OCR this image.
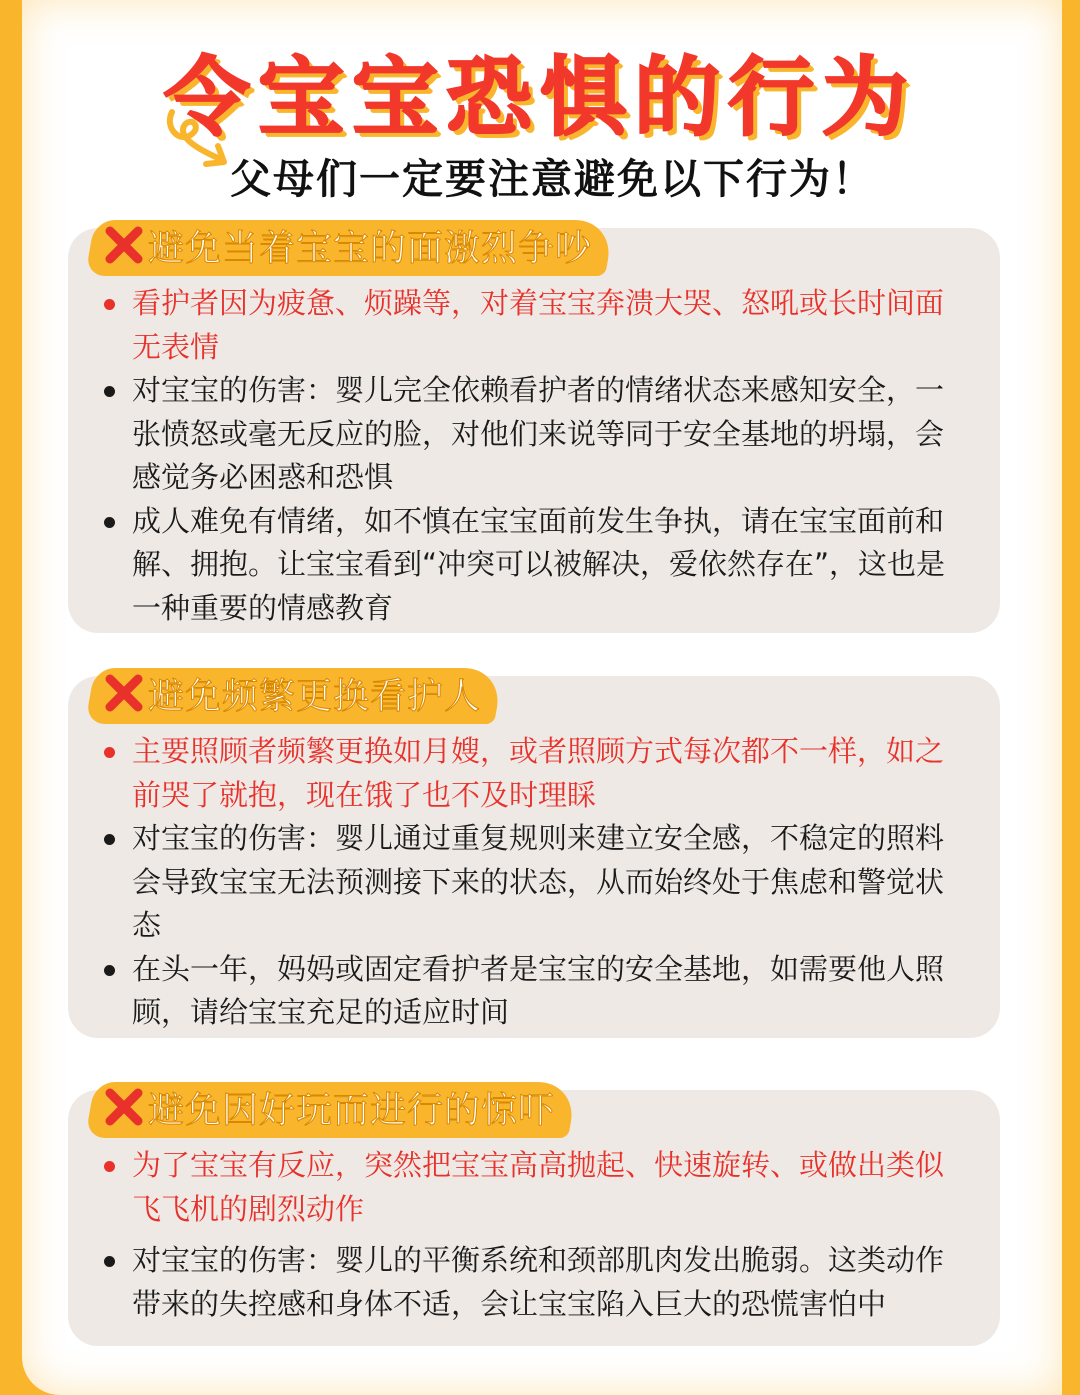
令宝宝恐惧的行为
父母们一定要注意避免以下行为！
避免当着宝宝的面激烈争吵
看护者因为疲惫、烦躁等，对着宝宝奔溃大哭、怒吼或长时间面无表情
对宝宝的伤害：婴儿完全依赖看护者的情绪状态来感知安全，一张愤怒或毫无反应的脸，对他们来说等同于安全基地的坍塌，会感觉务必困惑和恐惧
成人难免有情绪，如不慎在宝宝面前发生争执，请在宝宝面前和解、拥抱。让宝宝看到“冲突可以被解决，爱依然存在”，这也是一种重要的情感教育
避免频繁更换看护人
主要照顾者频繁更换如月嫂，或者照顾方式每次都不一样，如之前哭了就抱，现在饿了也不及时理睬
对宝宝的伤害：婴儿通过重复规则来建立安全感，不稳定的照料会导致宝宝无法预测接下来的状态，从而始终处于焦虑和警觉状态
在头一年，妈妈或固定看护者是宝宝的安全基地，如需要他人照顾，请给宝宝充足的适应时间
避免因好玩而进行的惊吓
为了宝宝有反应，突然把宝宝高高抛起、快速旋转、或做出类似飞飞机的剧烈动作
对宝宝的伤害：婴儿的平衡系统和颈部肌肉发出脆弱。这类动作带来的失控感和身体不适，会让宝宝陷入巨大的恐慌害怕中
